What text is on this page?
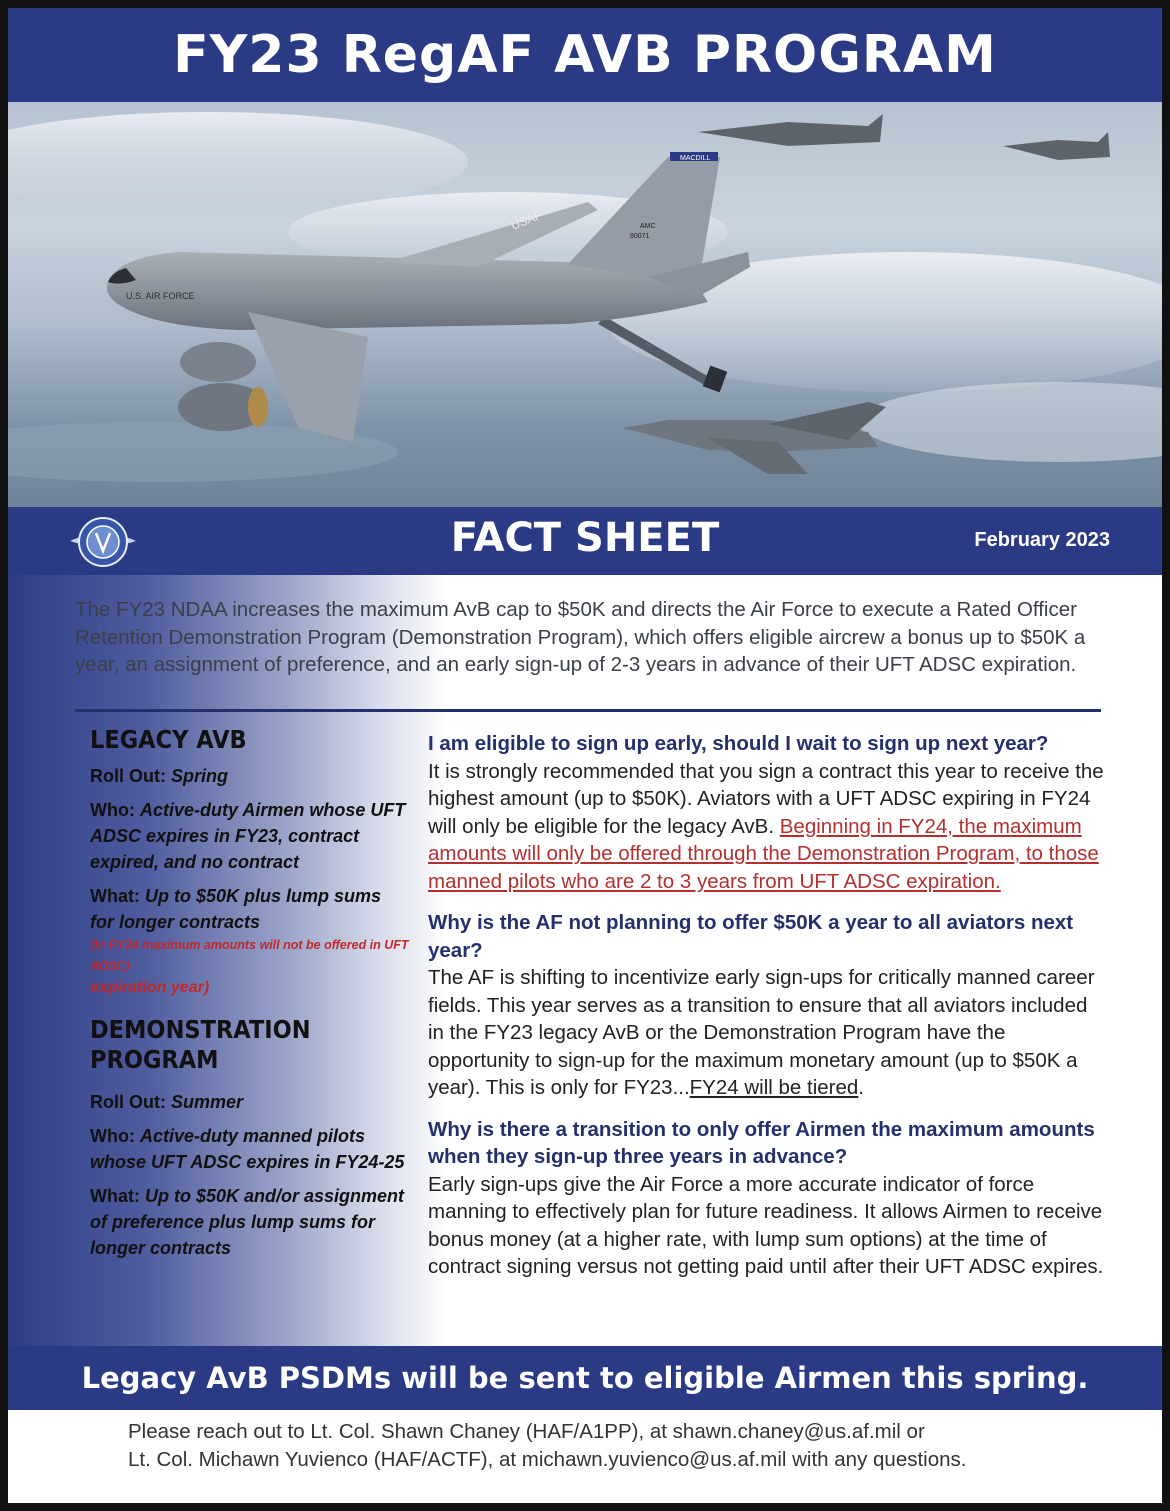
FY23 RegAF AVB PROGRAM
U.S. AIR FORCE
USAF
MACDILL
AMC
80071
FACT SHEET	February 2023

The FY23 NDAA increases the maximum AvB cap to $50K and directs the Air Force to execute a Rated Officer Retention Demonstration Program (Demonstration Program), which offers eligible aircrew a bonus up to $50K a year, an assignment of preference, and an early sign-up of 2-3 years in advance of their UFT ADSC expiration.

LEGACY AVB
Roll Out: Spring
Who: Active-duty Airmen whose UFT ADSC expires in FY23, contract expired, and no contract
What: Up to $50K plus lump sums for longer contracts
(In FY24 maximum amounts will not be offered in UFT ADSC)
expiration year)
DEMONSTRATION
PROGRAM
Roll Out: Summer
Who: Active-duty manned pilots whose UFT ADSC expires in FY24-25
What: Up to $50K and/or assignment of preference plus lump sums for longer contracts
I am eligible to sign up early, should I wait to sign up next year?
It is strongly recommended that you sign a contract this year to receive the highest amount (up to $50K). Aviators with a UFT ADSC expiring in FY24 will only be eligible for the legacy AvB. Beginning in FY24, the maximum amounts will only be offered through the Demonstration Program, to those manned pilots who are 2 to 3 years from UFT ADSC expiration.
Why is the AF not planning to offer $50K a year to all aviators next year?
The AF is shifting to incentivize early sign-ups for critically manned career fields. This year serves as a transition to ensure that all aviators included in the FY23 legacy AvB or the Demonstration Program have the opportunity to sign-up for the maximum monetary amount (up to $50K a year). This is only for FY23...FY24 will be tiered.
Why is there a transition to only offer Airmen the maximum amounts when they sign-up three years in advance?
Early sign-ups give the Air Force a more accurate indicator of force manning to effectively plan for future readiness. It allows Airmen to receive bonus money (at a higher rate, with lump sum options) at the time of contract signing versus not getting paid until after their UFT ADSC expires.
Legacy AvB PSDMs will be sent to eligible Airmen this spring.
Please reach out to Lt. Col. Shawn Chaney (HAF/A1PP), at shawn.chaney@us.af.mil or
Lt. Col. Michawn Yuvienco (HAF/ACTF), at michawn.yuvienco@us.af.mil with any questions.
